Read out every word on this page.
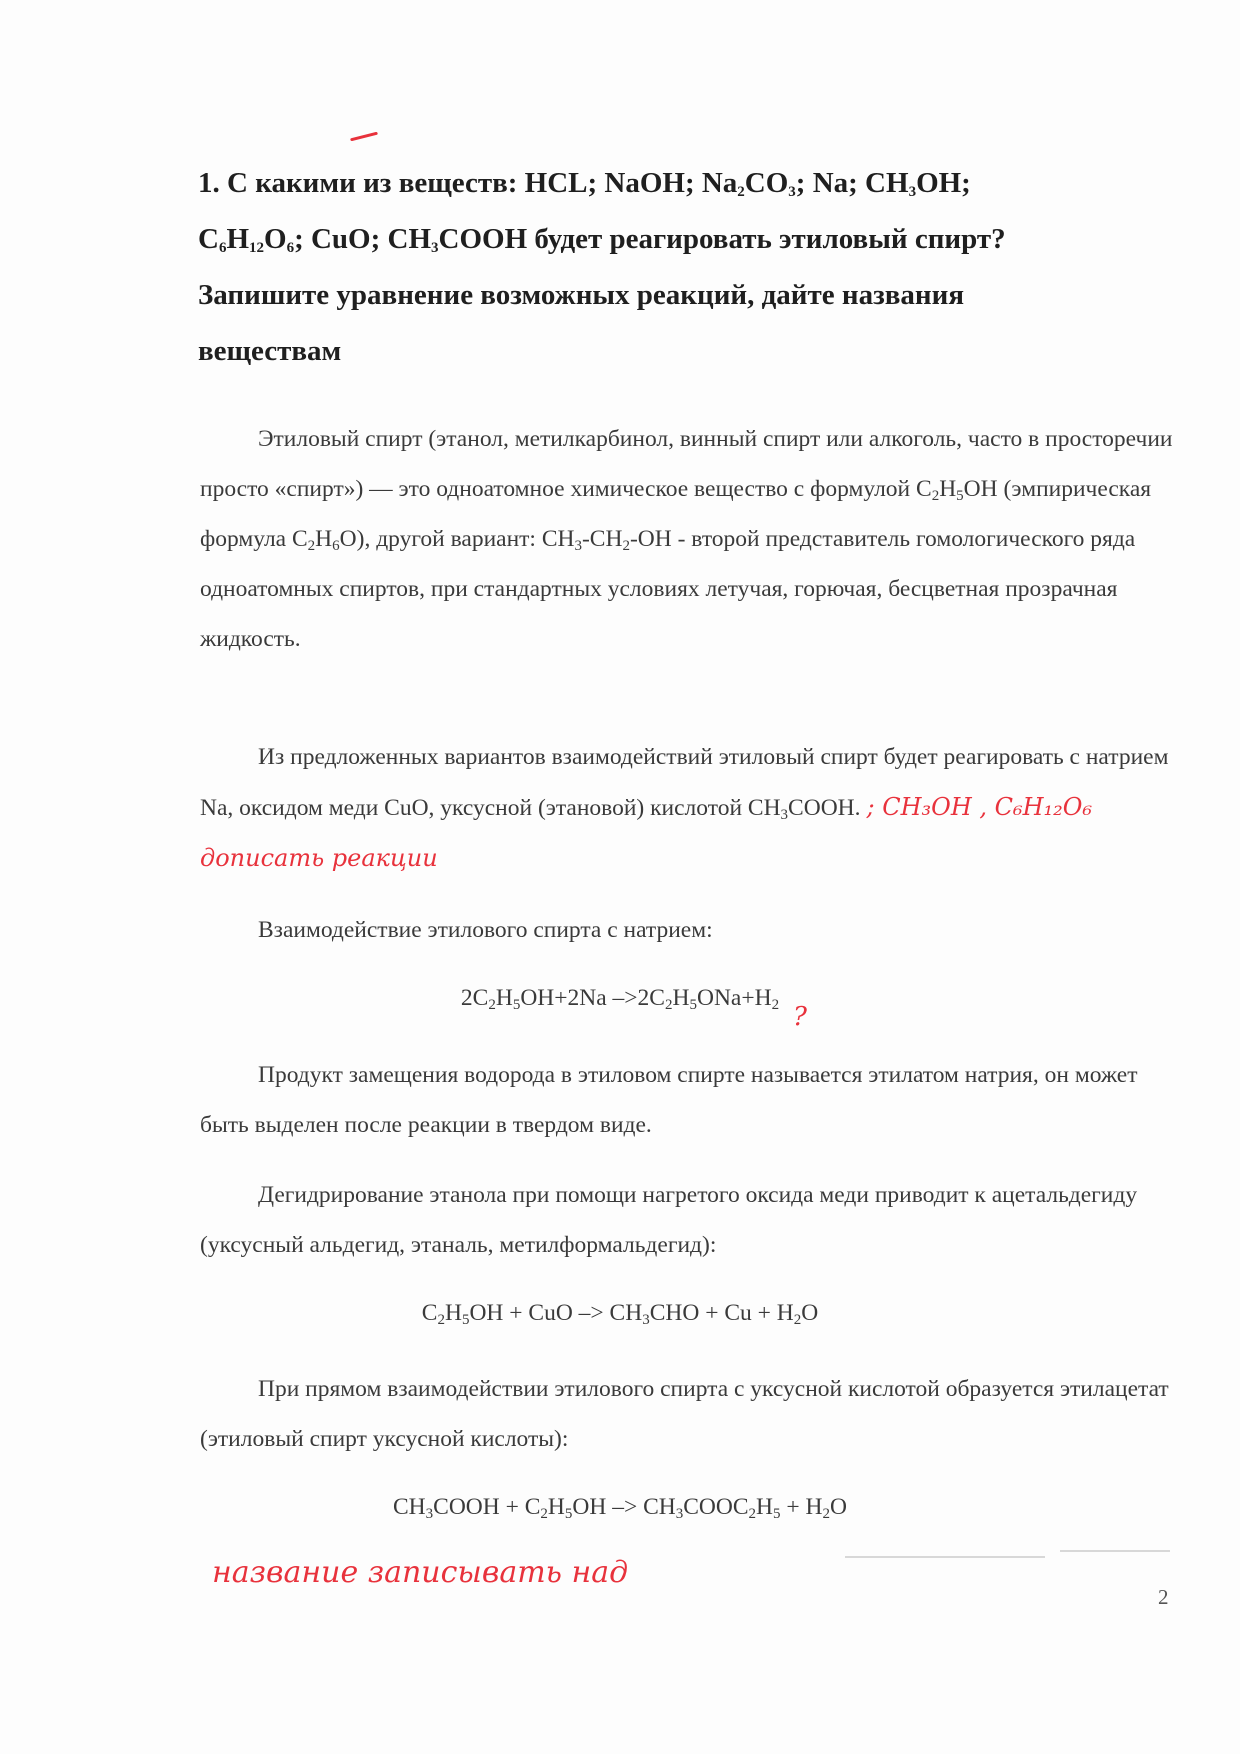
1. С какими из веществ: HCL; NaOH; $Na_2CO_3$; Na; $CH_3OH$;

$C_6H_{12}O_6$; CuO; $CH_3COOH$ будет реагировать этиловый спирт?

Запишите уравнение возможных реакций, дайте названия

веществам

Этиловый спирт (этанол, метилкарбинол, винный спирт или алкоголь, часто в просторечии просто «спирт») — это одноатомное химическое вещество с формулой $C_2H_5OH$ (эмпирическая формула $C_2H_6O$), другой вариант: $CH_3-CH_2-OH$ - второй представитель гомологического ряда одноатомных спиртов, при стандартных условиях летучая, горючая, бесцветная прозрачная жидкость.

Из предложенных вариантов взаимодействий этиловый спирт будет реагировать с натрием Na, оксидом меди CuO, уксусной (этановой) кислотой $CH_3COOH$. ; CH₃OH , C₆H₁₂O₆ дописать реакции

Взаимодействие этилового спирта с натрием:

$2C_2H_5OH+2Na$ $->2C_2H_5ONa+H_2$ ?

Продукт замещения водорода в этиловом спирте называется этилатом натрия, он может быть выделен после реакции в твердом виде.

Дегидрирование этанола при помощи нагретого оксида меди приводит к ацетальдегиду (уксусный альдегид, этаналь, метилформальдегид):

$C_2H_5OH$ + CuO –> $CH_3CHO + Cu + H_2O$

При прямом взаимодействии этилового спирта с уксусной кислотой образуется этилацетат (этиловый спирт уксусной кислоты):

$CH_3COOH + C_2H_5OH$ –> $CH_3COOC_2H_5 + H_2O$

название записывать над
2
